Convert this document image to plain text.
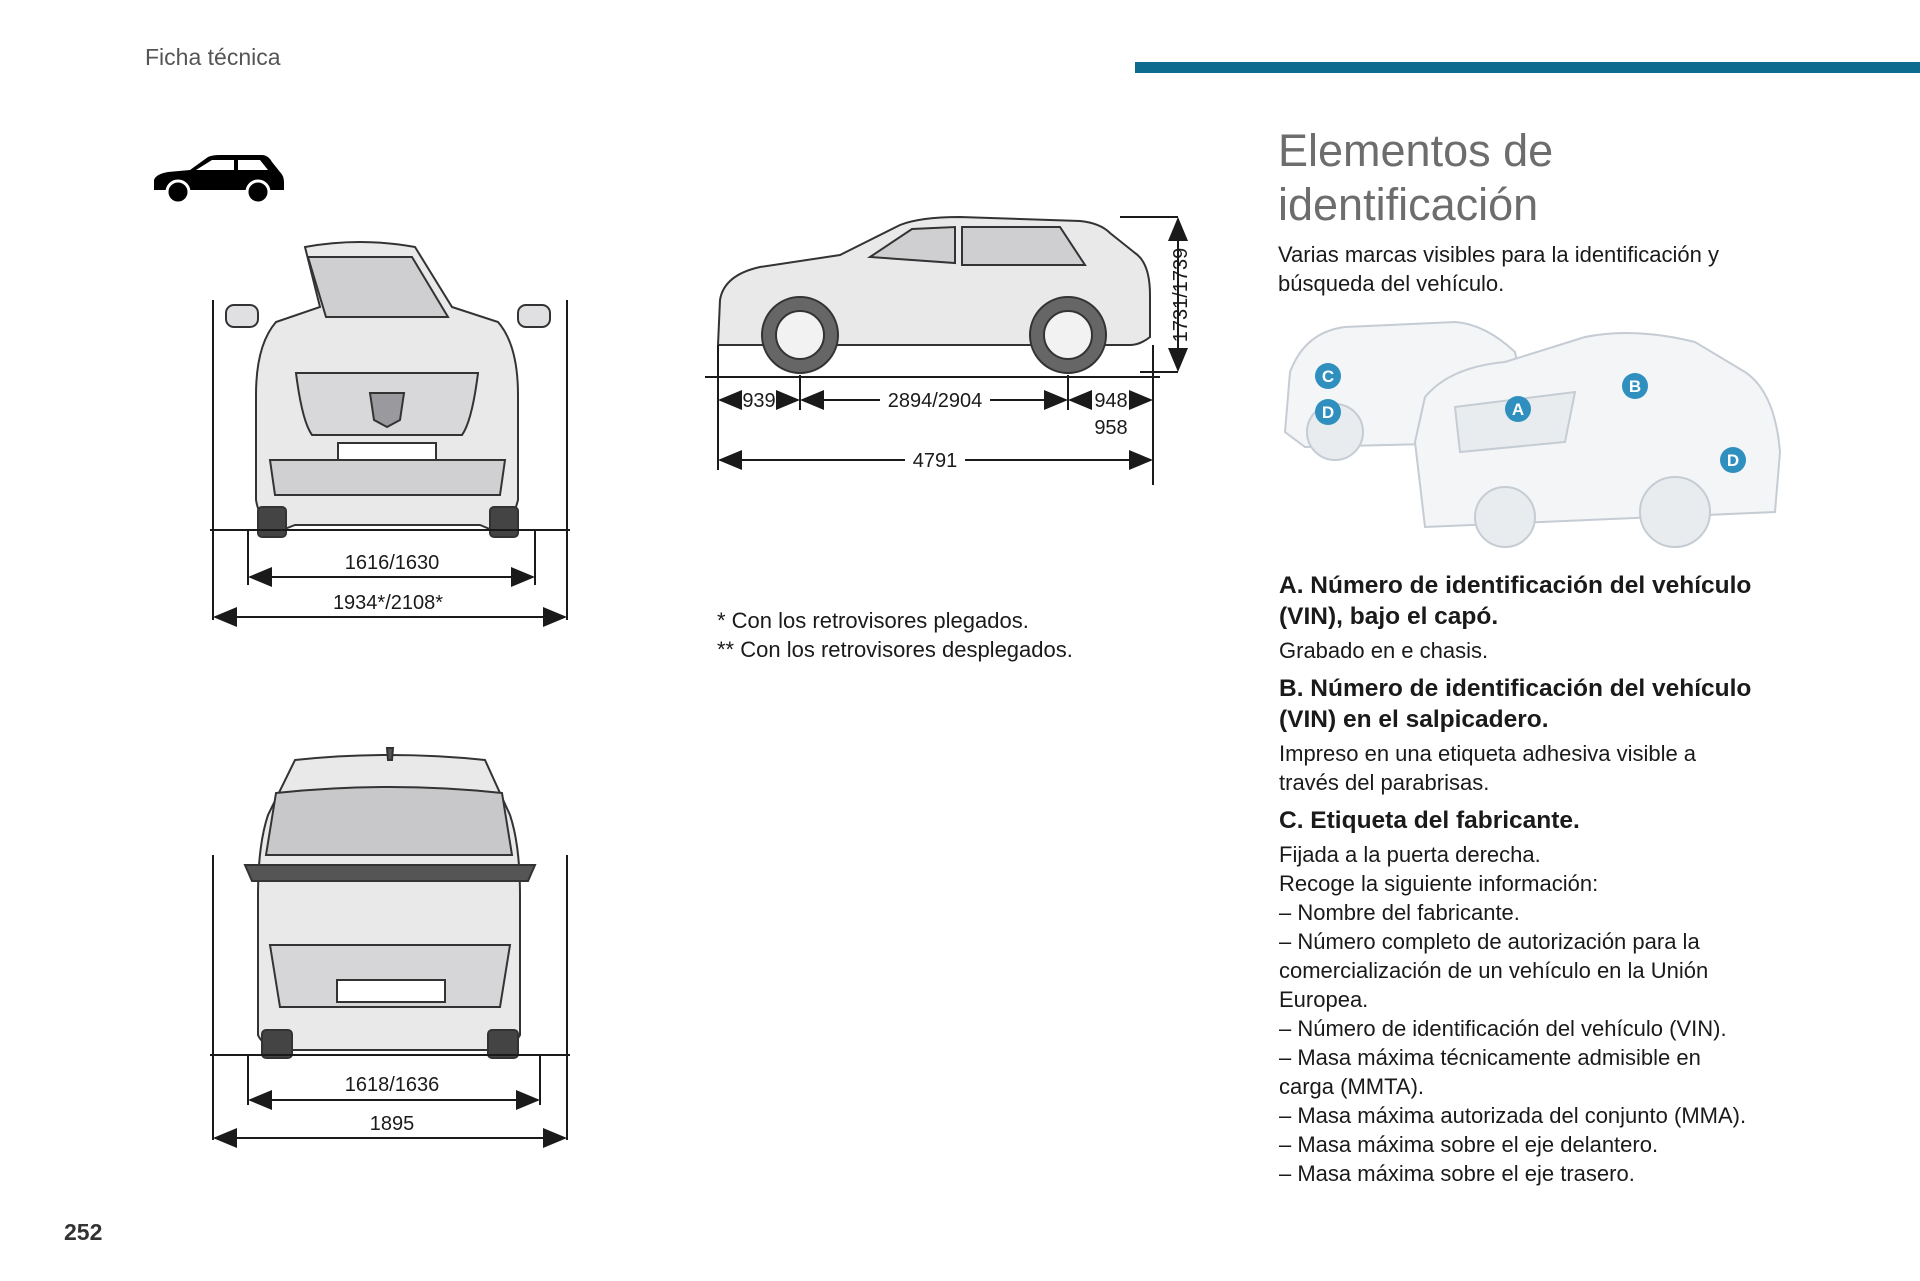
Ficha técnica
1616/1630
1934*/2108*
1618/1636
1895
1731/1739
939	2894/2904	948
958
4791
* Con los retrovisores plegados.
** Con los retrovisores desplegados.
Elementos de
identificación
Varias marcas visibles para la identificación y
búsqueda del vehículo.
C
D	A
B
D
A. Número de identificación del vehículo
(VIN), bajo el capó.
Grabado en e chasis.
B. Número de identificación del vehículo
(VIN) en el salpicadero.
Impreso en una etiqueta adhesiva visible a
través del parabrisas.
C. Etiqueta del fabricante.
Fijada a la puerta derecha.
Recoge la siguiente información:
– Nombre del fabricante.
– Número completo de autorización para la
comercialización de un vehículo en la Unión
Europea.
– Número de identificación del vehículo (VIN).
– Masa máxima técnicamente admisible en
carga (MMTA).
– Masa máxima autorizada del conjunto (MMA).
– Masa máxima sobre el eje delantero.
– Masa máxima sobre el eje trasero.
252
